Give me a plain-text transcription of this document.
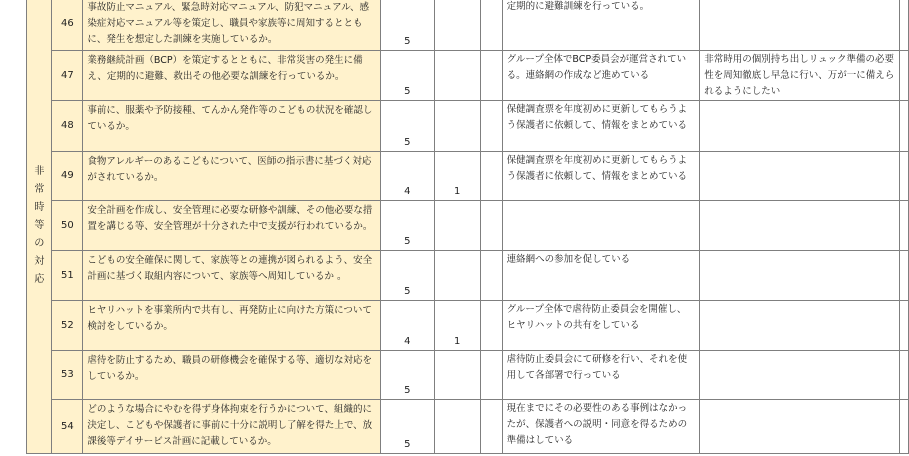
	非常時等の対応	46	事故防止マニュアル、緊急時対応マニュアル、防犯マニュアル、感染症対応マニュアル等を策定し、職員や家族等に周知するとともに、発生を想定した訓練を実施しているか。	5			定期的に避難訓練を行っている。		
		47	業務継続計画（BCP）を策定するとともに、非常災害の発生に備え、定期的に避難、救出その他必要な訓練を行っているか。	5			グループ全体でBCP委員会が運営されている。連絡網の作成など進めている	非常時用の個別持ち出しリュック準備の必要性を周知徹底し早急に行い、万が一に備えられるようにしたい	
		48	事前に、服薬や予防接種、てんかん発作等のこどもの状況を確認しているか。	5			保健調査票を年度初めに更新してもらうよう保護者に依頼して、情報をまとめている		
		49	食物アレルギーのあるこどもについて、医師の指示書に基づく対応がされているか。	4	1		保健調査票を年度初めに更新してもらうよう保護者に依頼して、情報をまとめている		
		50	安全計画を作成し、安全管理に必要な研修や訓練、その他必要な措置を講じる等、安全管理が十分された中で支援が行われているか。	5					
		51	こどもの安全確保に関して、家族等との連携が図られるよう、安全計画に基づく取組内容について、家族等へ周知しているか 。	5			連絡網への参加を促している		
		52	ヒヤリハットを事業所内で共有し、再発防止に向けた方策について検討をしているか。	4	1		グループ全体で虐待防止委員会を開催し、ヒヤリハットの共有をしている		
		53	虐待を防止するため、職員の研修機会を確保する等、適切な対応をしているか。	5			虐待防止委員会にて研修を行い、それを使用して各部署で行っている		
		54	どのような場合にやむを得ず身体拘束を行うかについて、組織的に決定し、こどもや保護者に事前に十分に説明し了解を得た上で、放課後等デイサービス計画に記載しているか。	5			現在までにその必要性のある事例はなかったが、保護者への説明・同意を得るための準備はしている		
